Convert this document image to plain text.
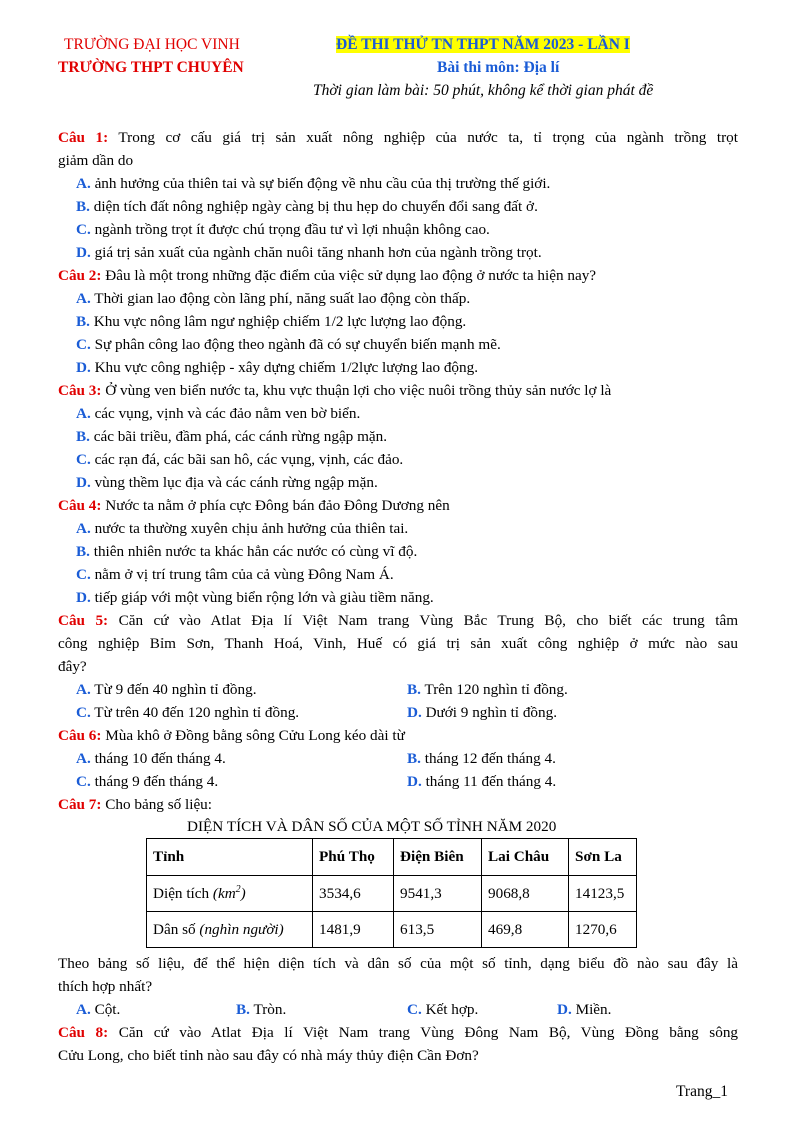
TRƯỜNG ĐẠI HỌC VINH
TRƯỜNG THPT CHUYÊN
ĐỀ THI THỬ TN THPT NĂM 2023 - LẦN I
Bài thi môn: Địa lí
Thời gian làm bài: 50 phút, không kể thời gian phát đề
Câu 1: Trong cơ cấu giá trị sản xuất nông nghiệp của nước ta, tỉ trọng của ngành trồng trọt
giảm dần do
A. ảnh hưởng của thiên tai và sự biến động về nhu cầu của thị trường thế giới.
B. diện tích đất nông nghiệp ngày càng bị thu hẹp do chuyển đổi sang đất ở.
C. ngành trồng trọt ít được chú trọng đầu tư vì lợi nhuận không cao.
D. giá trị sản xuất của ngành chăn nuôi tăng nhanh hơn của ngành trồng trọt.
Câu 2: Đâu là một trong những đặc điểm của việc sử dụng lao động ở nước ta hiện nay?
A. Thời gian lao động còn lãng phí, năng suất lao động còn thấp.
B. Khu vực nông lâm ngư nghiệp chiếm 1/2 lực lượng lao động.
C. Sự phân công lao động theo ngành đã có sự chuyển biến mạnh mẽ.
D. Khu vực công nghiệp - xây dựng chiếm 1/2lực lượng lao động.
Câu 3: Ở vùng ven biển nước ta, khu vực thuận lợi cho việc nuôi trồng thủy sản nước lợ là
A. các vụng, vịnh và các đảo nằm ven bờ biển.
B. các bãi triều, đầm phá, các cánh rừng ngập mặn.
C. các rạn đá, các bãi san hô, các vụng, vịnh, các đảo.
D. vùng thềm lục địa và các cánh rừng ngập mặn.
Câu 4: Nước ta nằm ở phía cực Đông bán đảo Đông Dương nên
A. nước ta thường xuyên chịu ảnh hưởng của thiên tai.
B. thiên nhiên nước ta khác hẳn các nước có cùng vĩ độ.
C. nằm ở vị trí trung tâm của cả vùng Đông Nam Á.
D. tiếp giáp với một vùng biển rộng lớn và giàu tiềm năng.
Câu 5: Căn cứ vào Atlat Địa lí Việt Nam trang Vùng Bắc Trung Bộ, cho biết các trung tâm
công nghiệp Bỉm Sơn, Thanh Hoá, Vinh, Huế có giá trị sản xuất công nghiệp ở mức nào sau
đây?
A. Từ 9 đến 40 nghìn tỉ đồng.	B. Trên 120 nghìn tỉ đồng.
C. Từ trên 40 đến 120 nghìn tỉ đồng.	D. Dưới 9 nghìn tỉ đồng.
Câu 6: Mùa khô ở Đồng bằng sông Cửu Long kéo dài từ
A. tháng 10 đến tháng 4.	B. tháng 12 đến tháng 4.
C. tháng 9 đến tháng 4.	D. tháng 11 đến tháng 4.
Câu 7: Cho bảng số liệu:
DIỆN TÍCH VÀ DÂN SỐ CỦA MỘT SỐ TỈNH NĂM 2020
Tỉnh	Phú Thọ	Điện Biên	Lai Châu	Sơn La
Diện tích $(km^2)$	3534,6	9541,3	9068,8	14123,5
Dân số (nghìn người)	1481,9	613,5	469,8	1270,6
Theo bảng số liệu, để thể hiện diện tích và dân số của một số tỉnh, dạng biểu đồ nào sau đây là
thích hợp nhất?
A. Cột.	B. Tròn.	C. Kết hợp.	D. Miền.
Câu 8: Căn cứ vào Atlat Địa lí Việt Nam trang Vùng Đông Nam Bộ, Vùng Đồng bằng sông
Cửu Long, cho biết tỉnh nào sau đây có nhà máy thủy điện Cần Đơn?
Trang_1
